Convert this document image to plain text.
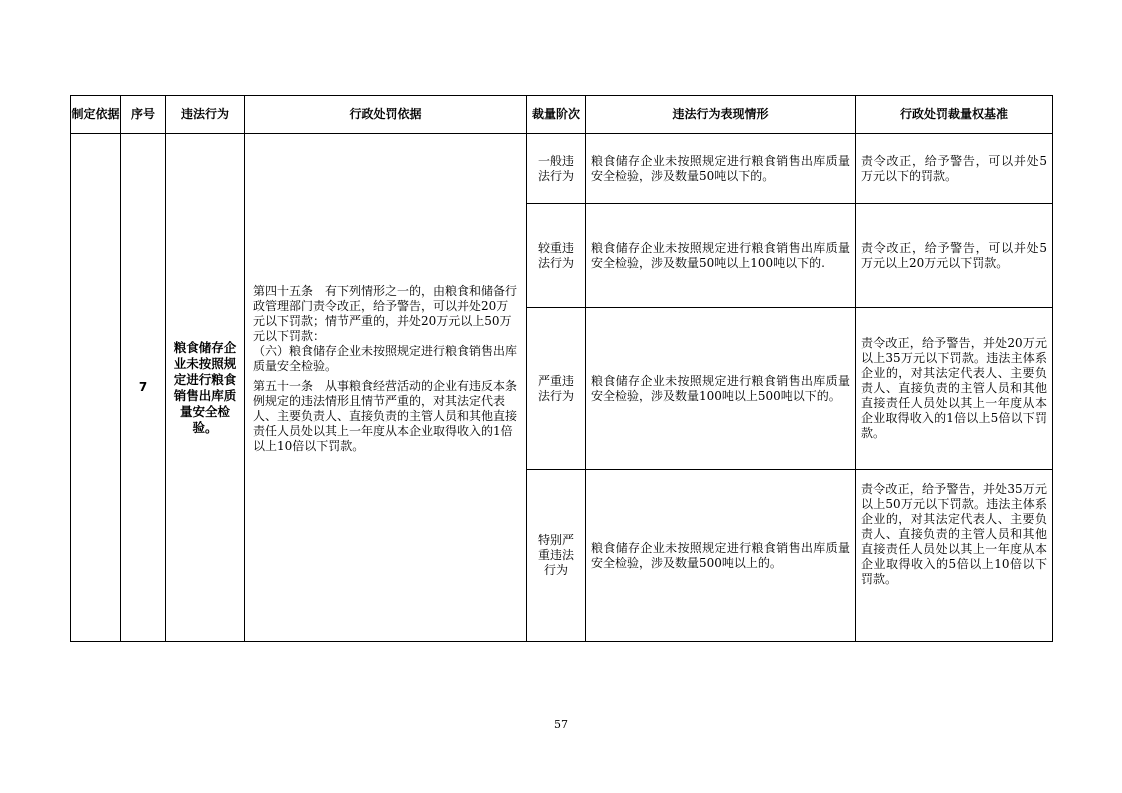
制定依据	序号	违法行为	行政处罚依据	裁量阶次	违法行为表现情形	行政处罚裁量权基准
	7	粮食储存企业未按照规定进行粮食销售出库质量安全检验。	第四十五条　有下列情形之一的，由粮食和储备行政管理部门责令改正，给予警告，可以并处20万元以下罚款；情节严重的，并处20万元以上50万元以下罚款：

（六）粮食储存企业未按照规定进行粮食销售出库质量安全检验。

第五十一条　从事粮食经营活动的企业有违反本条例规定的违法情形且情节严重的，对其法定代表人、主要负责人、直接负责的主管人员和其他直接责任人员处以其上一年度从本企业取得收入的1倍以上10倍以下罚款。	一般违法行为	粮食储存企业未按照规定进行粮食销售出库质量安全检验，涉及数量50吨以下的。	责令改正，给予警告，可以并处5万元以下的罚款。
				较重违法行为	粮食储存企业未按照规定进行粮食销售出库质量安全检验，涉及数量50吨以上100吨以下的.	责令改正，给予警告，可以并处5万元以上20万元以下罚款。
				严重违法行为	粮食储存企业未按照规定进行粮食销售出库质量安全检验，涉及数量100吨以上500吨以下的。	责令改正，给予警告，并处20万元以上35万元以下罚款。违法主体系企业的，对其法定代表人、主要负责人、直接负责的主管人员和其他直接责任人员处以其上一年度从本企业取得收入的1倍以上5倍以下罚款。
				特别严重违法行为	粮食储存企业未按照规定进行粮食销售出库质量安全检验，涉及数量500吨以上的。	责令改正，给予警告，并处35万元以上50万元以下罚款。违法主体系企业的，对其法定代表人、主要负责人、直接负责的主管人员和其他直接责任人员处以其上一年度从本企业取得收入的5倍以上10倍以下罚款。
57
